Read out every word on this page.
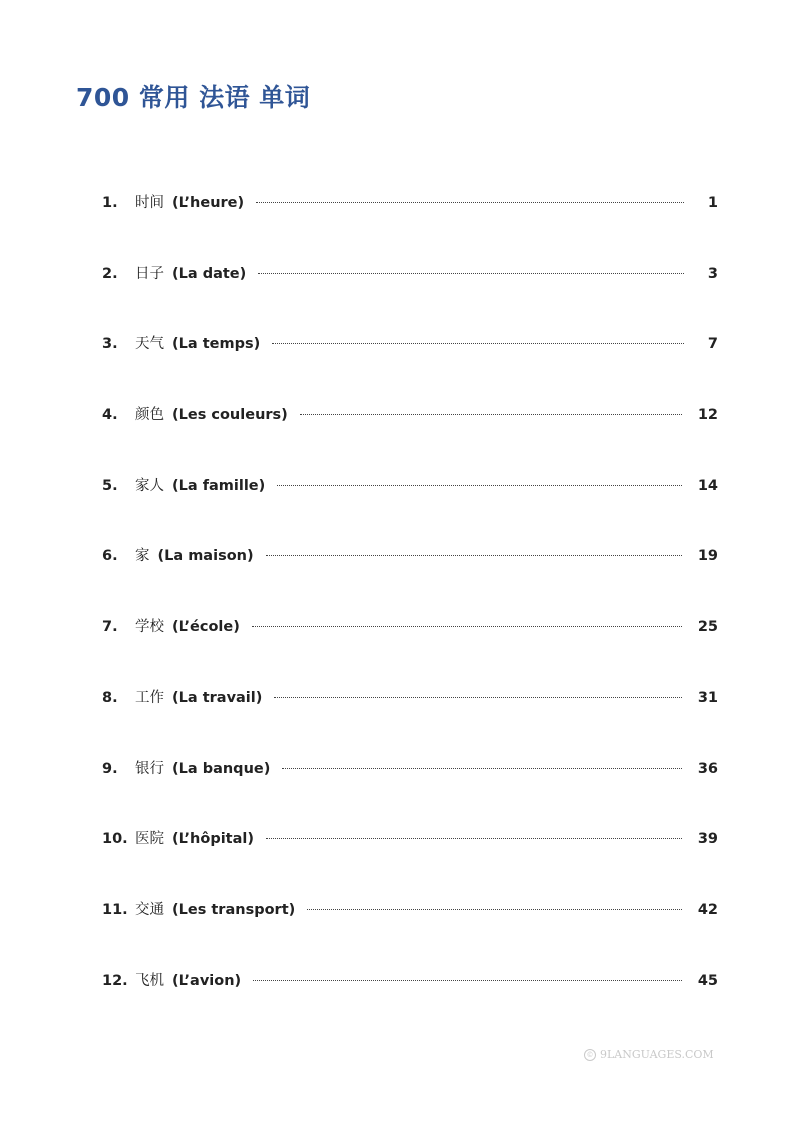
700 常用 法语 单词
1.	时间 (L’heure)	1
2.	日子 (La date)	3
3.	天气 (La temps)	7
4.	颜色 (Les couleurs)	12
5.	家人 (La famille)	14
6.	家 (La maison)	19
7.	学校 (L’école)	25
8.	工作 (La travail)	31
9.	银行 (La banque)	36
10. 医院 (L’hôpital)	39
11. 交通 (Les transport)	42
12. 飞机 (L’avion)	45
© 9LANGUAGES.COM
